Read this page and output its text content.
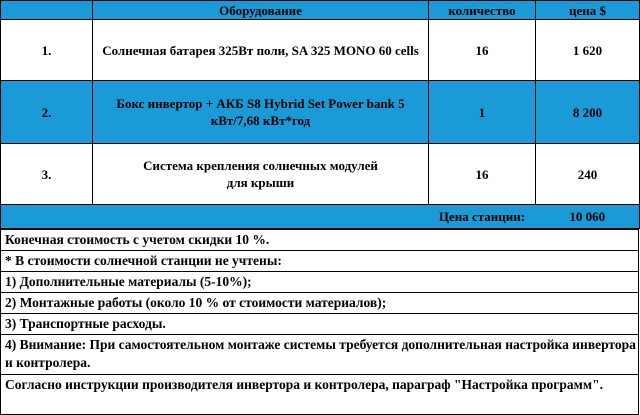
	Оборудование	количество	цена $
1.	Солнечная батарея 325Вт поли, SA 325 MONO 60 cells	16	1 620
2.	Бокс инвертор + АКБ S8 Hybrid Set Power bank 5 кВт/7,68 кВт*год	1	8 200
3.	Система крепления солнечных модулей для крыши	16	240
		Цена станции:	10 060
Конечная стоимость с учетом скидки 10 %.
* В стоимости солнечной станции не учтены:
1) Дополнительные материалы (5-10%);
2) Монтажные работы (около 10 % от стоимости материалов);
3) Транспортные расходы.
4) Внимание: При самостоятельном монтаже системы требуется дополнительная настройка инвертора и контролера.
Согласно инструкции производителя инвертора и контролера, параграф "Настройка программ".
